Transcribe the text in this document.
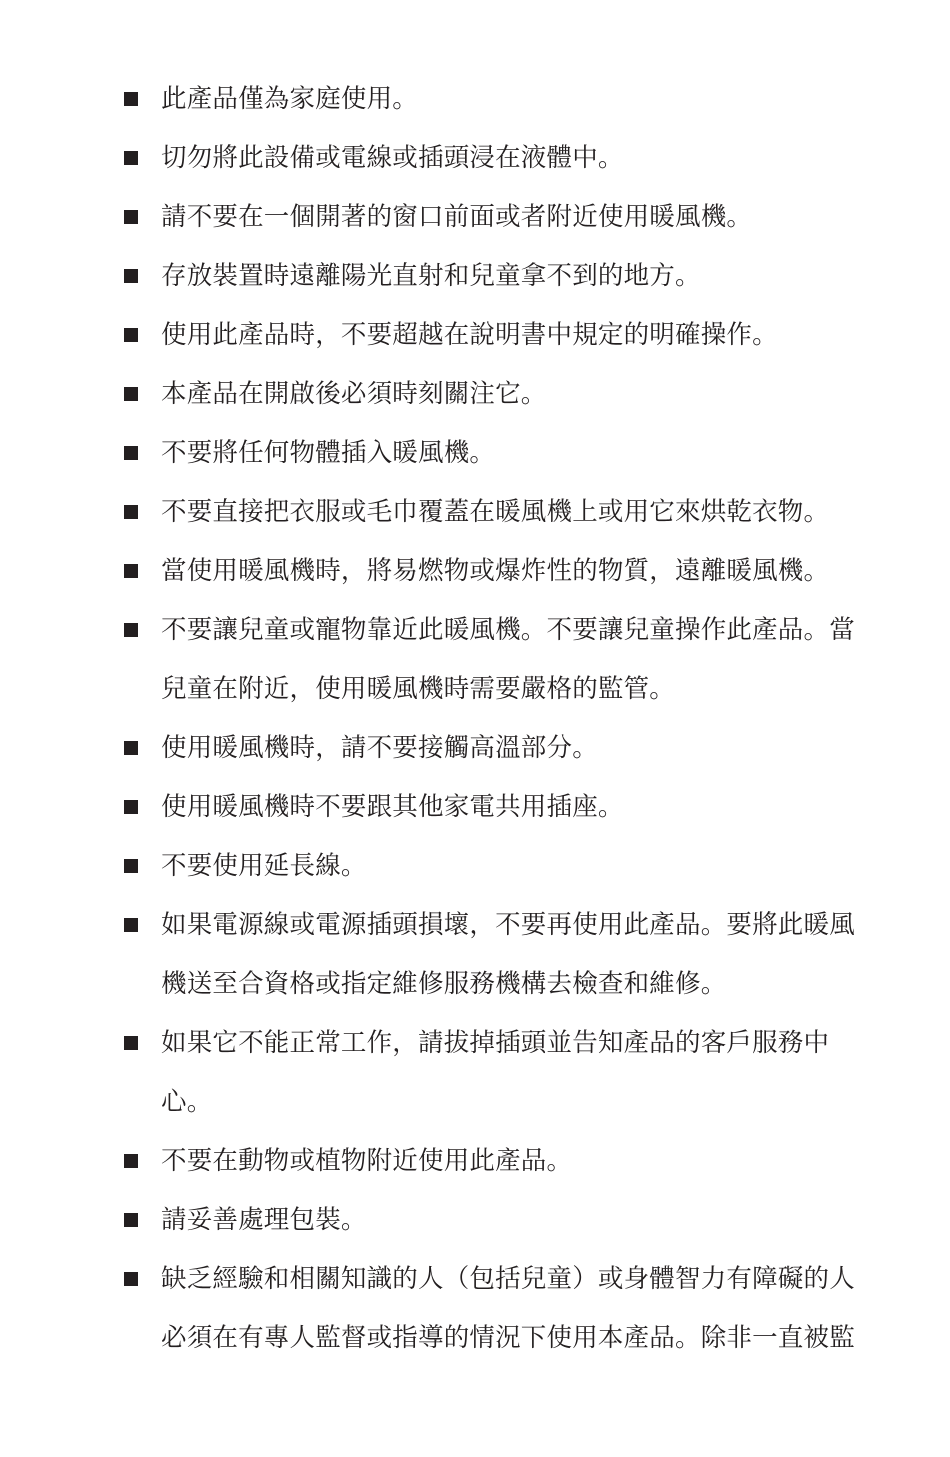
此產品僅為家庭使用。

切勿將此設備或電線或插頭浸在液體中。

請不要在一個開著的窗口前面或者附近使用暖風機。

存放裝置時遠離陽光直射和兒童拿不到的地方。

使用此產品時，不要超越在說明書中規定的明確操作。

本產品在開啟後必須時刻關注它。

不要將任何物體插入暖風機。

不要直接把衣服或毛巾覆蓋在暖風機上或用它來烘乾衣物。

當使用暖風機時，將易燃物或爆炸性的物質，遠離暖風機。

不要讓兒童或寵物靠近此暖風機。不要讓兒童操作此產品。當兒童在附近，使用暖風機時需要嚴格的監管。

使用暖風機時，請不要接觸高溫部分。

使用暖風機時不要跟其他家電共用插座。

不要使用延長線。

如果電源線或電源插頭損壞，不要再使用此產品。要將此暖風機送至合資格或指定維修服務機構去檢查和維修。

如果它不能正常工作，請拔掉插頭並告知產品的客戶服務中心。

不要在動物或植物附近使用此產品。

請妥善處理包裝。

缺乏經驗和相關知識的人（包括兒童）或身體智力有障礙的人必須在有專人監督或指導的情況下使用本產品。除非一直被監
